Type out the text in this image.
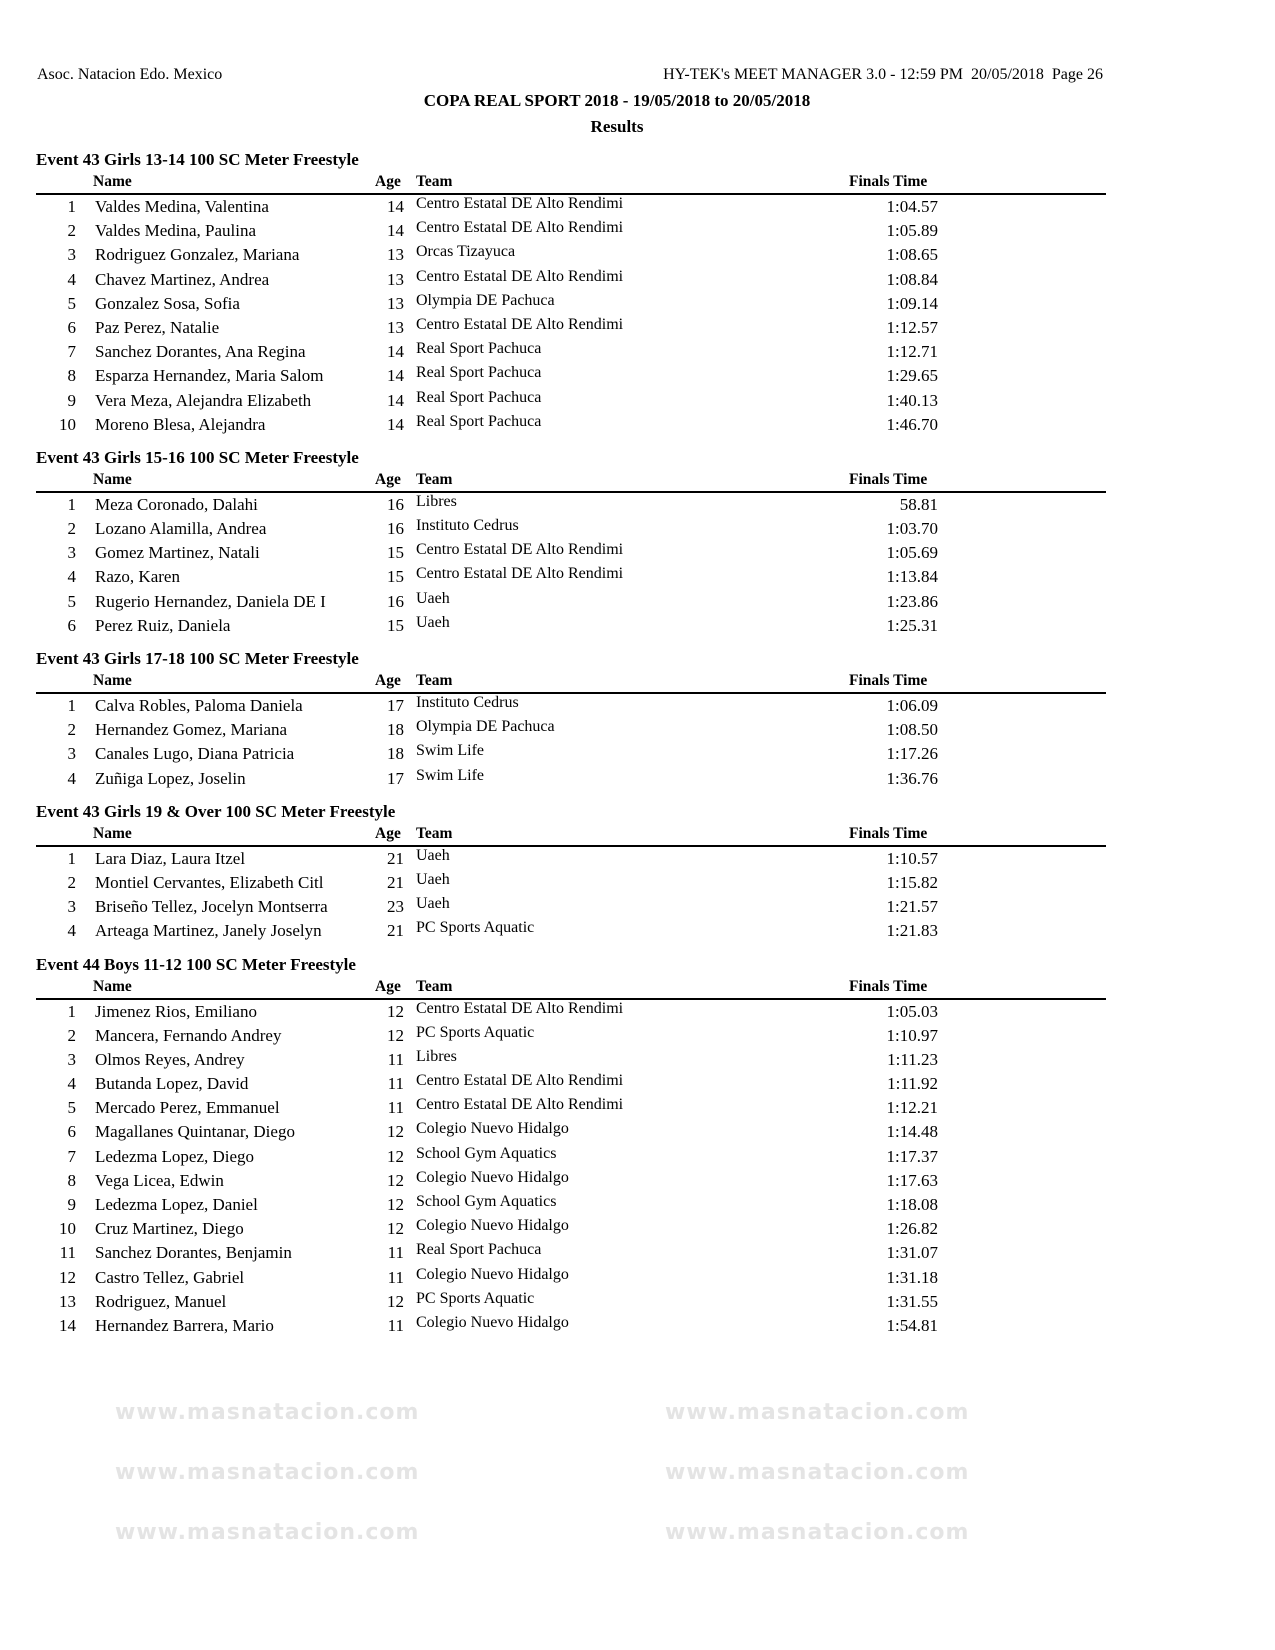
Asoc. Natacion Edo. Mexico	HY-TEK's MEET MANAGER 3.0 - 12:59 PM  20/05/2018  Page 26
COPA REAL SPORT 2018 - 19/05/2018 to 20/05/2018
Results
www.masnatacion.com	www.masnatacion.com
www.masnatacion.com	www.masnatacion.com
www.masnatacion.com	www.masnatacion.com
Event 43 Girls 13-14 100 SC Meter Freestyle
Name	Age Team	Finals Time
1 Valdes Medina, Valentina	14 Centro Estatal DE Alto Rendimi	1:04.57
2 Valdes Medina, Paulina	14 Centro Estatal DE Alto Rendimi	1:05.89
3 Rodriguez Gonzalez, Mariana	13 Orcas Tizayuca	1:08.65
4 Chavez Martinez, Andrea	13 Centro Estatal DE Alto Rendimi	1:08.84
5 Gonzalez Sosa, Sofia	13 Olympia DE Pachuca	1:09.14
6 Paz Perez, Natalie	13 Centro Estatal DE Alto Rendimi	1:12.57
7 Sanchez Dorantes, Ana Regina	14 Real Sport Pachuca	1:12.71
8 Esparza Hernandez, Maria Salom	14 Real Sport Pachuca	1:29.65
9 Vera Meza, Alejandra Elizabeth	14 Real Sport Pachuca	1:40.13
10 Moreno Blesa, Alejandra	14 Real Sport Pachuca	1:46.70
Event 43 Girls 15-16 100 SC Meter Freestyle
Name	Age Team	Finals Time
1 Meza Coronado, Dalahi	16 Libres	58.81
2 Lozano Alamilla, Andrea	16 Instituto Cedrus	1:03.70
3 Gomez Martinez, Natali	15 Centro Estatal DE Alto Rendimi	1:05.69
4 Razo, Karen	15 Centro Estatal DE Alto Rendimi	1:13.84
5 Rugerio Hernandez, Daniela DE I	16 Uaeh	1:23.86
6 Perez Ruiz, Daniela	15 Uaeh	1:25.31
Event 43 Girls 17-18 100 SC Meter Freestyle
Name	Age Team	Finals Time
1 Calva Robles, Paloma Daniela	17 Instituto Cedrus	1:06.09
2 Hernandez Gomez, Mariana	18 Olympia DE Pachuca	1:08.50
3 Canales Lugo, Diana Patricia	18 Swim Life	1:17.26
4 Zuñiga Lopez, Joselin	17 Swim Life	1:36.76
Event 43 Girls 19 & Over 100 SC Meter Freestyle
Name	Age Team	Finals Time
1 Lara Diaz, Laura Itzel	21 Uaeh	1:10.57
2 Montiel Cervantes, Elizabeth Citl	21 Uaeh	1:15.82
3 Briseño Tellez, Jocelyn Montserra	23 Uaeh	1:21.57
4 Arteaga Martinez, Janely Joselyn	21 PC Sports Aquatic	1:21.83
Event 44 Boys 11-12 100 SC Meter Freestyle
Name	Age Team	Finals Time
1 Jimenez Rios, Emiliano	12 Centro Estatal DE Alto Rendimi	1:05.03
2 Mancera, Fernando Andrey	12 PC Sports Aquatic	1:10.97
3 Olmos Reyes, Andrey	11 Libres	1:11.23
4 Butanda Lopez, David	11 Centro Estatal DE Alto Rendimi	1:11.92
5 Mercado Perez, Emmanuel	11 Centro Estatal DE Alto Rendimi	1:12.21
6 Magallanes Quintanar, Diego	12 Colegio Nuevo Hidalgo	1:14.48
7 Ledezma Lopez, Diego	12 School Gym Aquatics	1:17.37
8 Vega Licea, Edwin	12 Colegio Nuevo Hidalgo	1:17.63
9 Ledezma Lopez, Daniel	12 School Gym Aquatics	1:18.08
10 Cruz Martinez, Diego	12 Colegio Nuevo Hidalgo	1:26.82
11 Sanchez Dorantes, Benjamin	11 Real Sport Pachuca	1:31.07
12 Castro Tellez, Gabriel	11 Colegio Nuevo Hidalgo	1:31.18
13 Rodriguez, Manuel	12 PC Sports Aquatic	1:31.55
14 Hernandez Barrera, Mario	11 Colegio Nuevo Hidalgo	1:54.81
